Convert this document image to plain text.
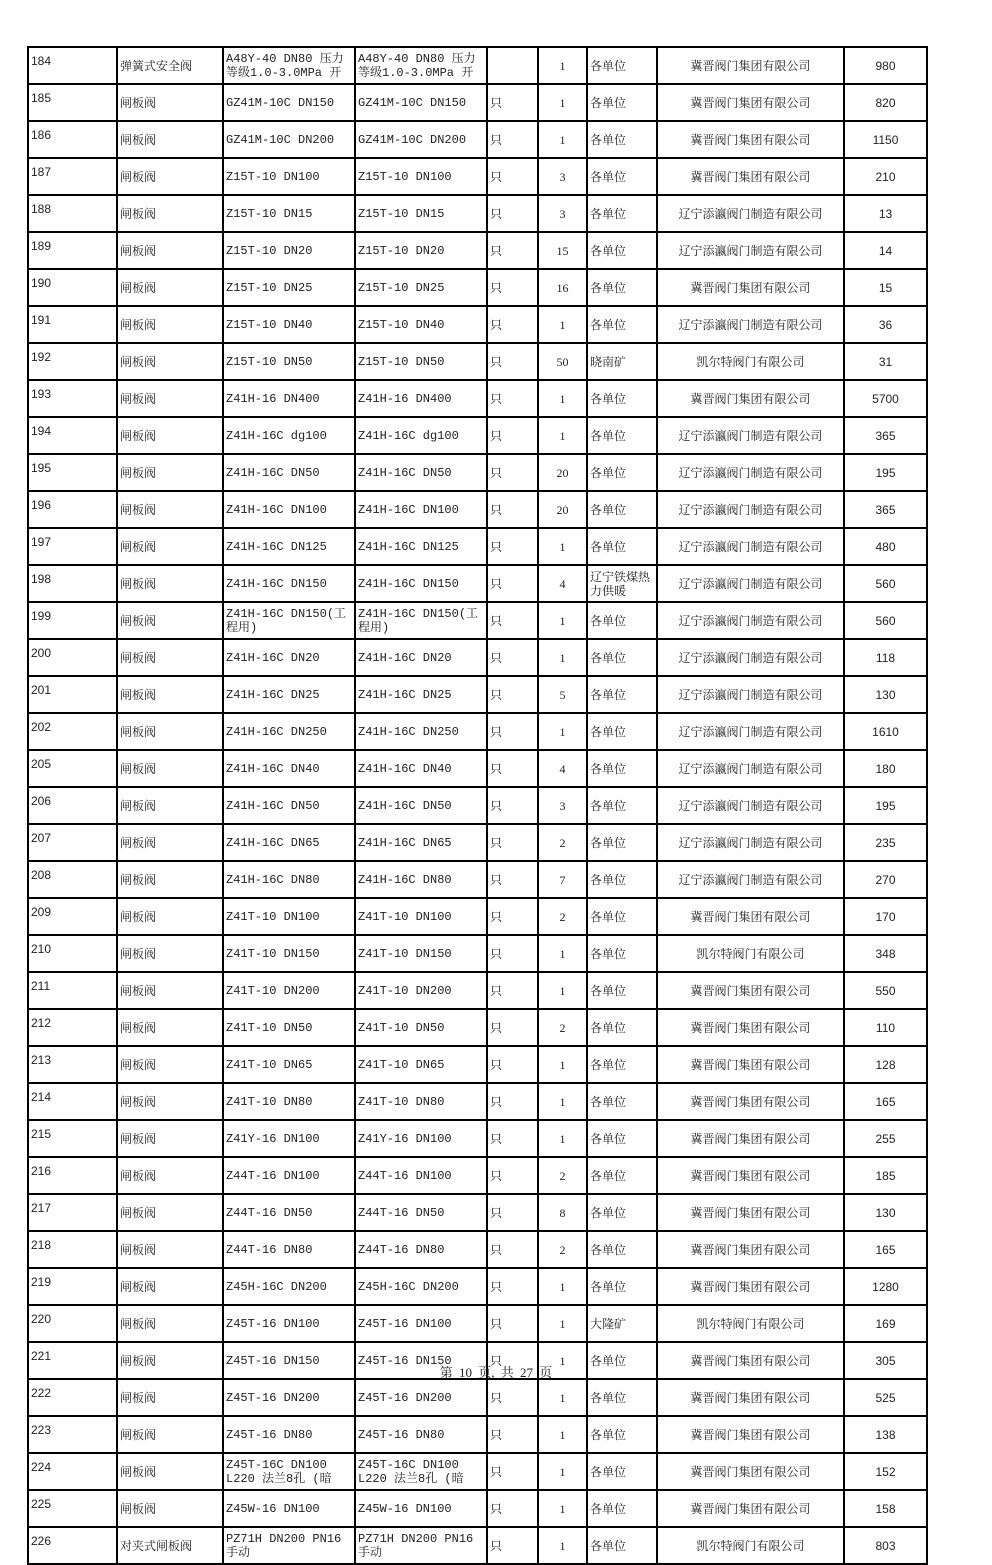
184	弹簧式安全阀	A48Y-40 DN80 压力等级1.0-3.0MPa 开	A48Y-40 DN80 压力等级1.0-3.0MPa 开		1	各单位	冀晋阀门集团有限公司	980

185	闸板阀	GZ41M-10C DN150	GZ41M-10C DN150	只	1	各单位	冀晋阀门集团有限公司	820

186	闸板阀	GZ41M-10C DN200	GZ41M-10C DN200	只	1	各单位	冀晋阀门集团有限公司	1150

187	闸板阀	Z15T-10 DN100	Z15T-10 DN100	只	3	各单位	冀晋阀门集团有限公司	210

188	闸板阀	Z15T-10 DN15	Z15T-10 DN15	只	3	各单位	辽宁添瀛阀门制造有限公司	13

189	闸板阀	Z15T-10 DN20	Z15T-10 DN20	只	15	各单位	辽宁添瀛阀门制造有限公司	14

190	闸板阀	Z15T-10 DN25	Z15T-10 DN25	只	16	各单位	冀晋阀门集团有限公司	15

191	闸板阀	Z15T-10 DN40	Z15T-10 DN40	只	1	各单位	辽宁添瀛阀门制造有限公司	36

192	闸板阀	Z15T-10 DN50	Z15T-10 DN50	只	50	晓南矿	凯尔特阀门有限公司	31

193	闸板阀	Z41H-16 DN400	Z41H-16 DN400	只	1	各单位	冀晋阀门集团有限公司	5700

194	闸板阀	Z41H-16C dg100	Z41H-16C dg100	只	1	各单位	辽宁添瀛阀门制造有限公司	365

195	闸板阀	Z41H-16C DN50	Z41H-16C DN50	只	20	各单位	辽宁添瀛阀门制造有限公司	195

196	闸板阀	Z41H-16C DN100	Z41H-16C DN100	只	20	各单位	辽宁添瀛阀门制造有限公司	365

197	闸板阀	Z41H-16C DN125	Z41H-16C DN125	只	1	各单位	辽宁添瀛阀门制造有限公司	480

198	闸板阀	Z41H-16C DN150	Z41H-16C DN150	只	4	辽宁铁煤热力供暖	辽宁添瀛阀门制造有限公司	560

199	闸板阀	Z41H-16C DN150(工程用)	Z41H-16C DN150(工程用)	只	1	各单位	辽宁添瀛阀门制造有限公司	560

200	闸板阀	Z41H-16C DN20	Z41H-16C DN20	只	1	各单位	辽宁添瀛阀门制造有限公司	118

201	闸板阀	Z41H-16C DN25	Z41H-16C DN25	只	5	各单位	辽宁添瀛阀门制造有限公司	130

202	闸板阀	Z41H-16C DN250	Z41H-16C DN250	只	1	各单位	辽宁添瀛阀门制造有限公司	1610

205	闸板阀	Z41H-16C DN40	Z41H-16C DN40	只	4	各单位	辽宁添瀛阀门制造有限公司	180

206	闸板阀	Z41H-16C DN50	Z41H-16C DN50	只	3	各单位	辽宁添瀛阀门制造有限公司	195

207	闸板阀	Z41H-16C DN65	Z41H-16C DN65	只	2	各单位	辽宁添瀛阀门制造有限公司	235

208	闸板阀	Z41H-16C DN80	Z41H-16C DN80	只	7	各单位	辽宁添瀛阀门制造有限公司	270

209	闸板阀	Z41T-10 DN100	Z41T-10 DN100	只	2	各单位	冀晋阀门集团有限公司	170

210	闸板阀	Z41T-10 DN150	Z41T-10 DN150	只	1	各单位	凯尔特阀门有限公司	348

211	闸板阀	Z41T-10 DN200	Z41T-10 DN200	只	1	各单位	冀晋阀门集团有限公司	550

212	闸板阀	Z41T-10 DN50	Z41T-10 DN50	只	2	各单位	冀晋阀门集团有限公司	110

213	闸板阀	Z41T-10 DN65	Z41T-10 DN65	只	1	各单位	冀晋阀门集团有限公司	128

214	闸板阀	Z41T-10 DN80	Z41T-10 DN80	只	1	各单位	冀晋阀门集团有限公司	165

215	闸板阀	Z41Y-16 DN100	Z41Y-16 DN100	只	1	各单位	冀晋阀门集团有限公司	255

216	闸板阀	Z44T-16 DN100	Z44T-16 DN100	只	2	各单位	冀晋阀门集团有限公司	185

217	闸板阀	Z44T-16 DN50	Z44T-16 DN50	只	8	各单位	冀晋阀门集团有限公司	130

218	闸板阀	Z44T-16 DN80	Z44T-16 DN80	只	2	各单位	冀晋阀门集团有限公司	165

219	闸板阀	Z45H-16C DN200	Z45H-16C DN200	只	1	各单位	冀晋阀门集团有限公司	1280

220	闸板阀	Z45T-16 DN100	Z45T-16 DN100	只	1	大隆矿	凯尔特阀门有限公司	169

221	闸板阀	Z45T-16 DN150	Z45T-16 DN150	只	1	各单位	冀晋阀门集团有限公司	305

222	闸板阀	Z45T-16 DN200	Z45T-16 DN200	只	1	各单位	冀晋阀门集团有限公司	525

223	闸板阀	Z45T-16 DN80	Z45T-16 DN80	只	1	各单位	冀晋阀门集团有限公司	138

224	闸板阀	Z45T-16C DN100 L220 法兰8孔 (暗	Z45T-16C DN100 L220 法兰8孔 (暗	只	1	各单位	冀晋阀门集团有限公司	152

225	闸板阀	Z45W-16 DN100	Z45W-16 DN100	只	1	各单位	冀晋阀门集团有限公司	158

226	对夹式闸板阀	PZ71H DN200 PN16 手动	PZ71H DN200 PN16 手动	只	1	各单位	凯尔特阀门有限公司	803
第 10 页, 共 27 页
